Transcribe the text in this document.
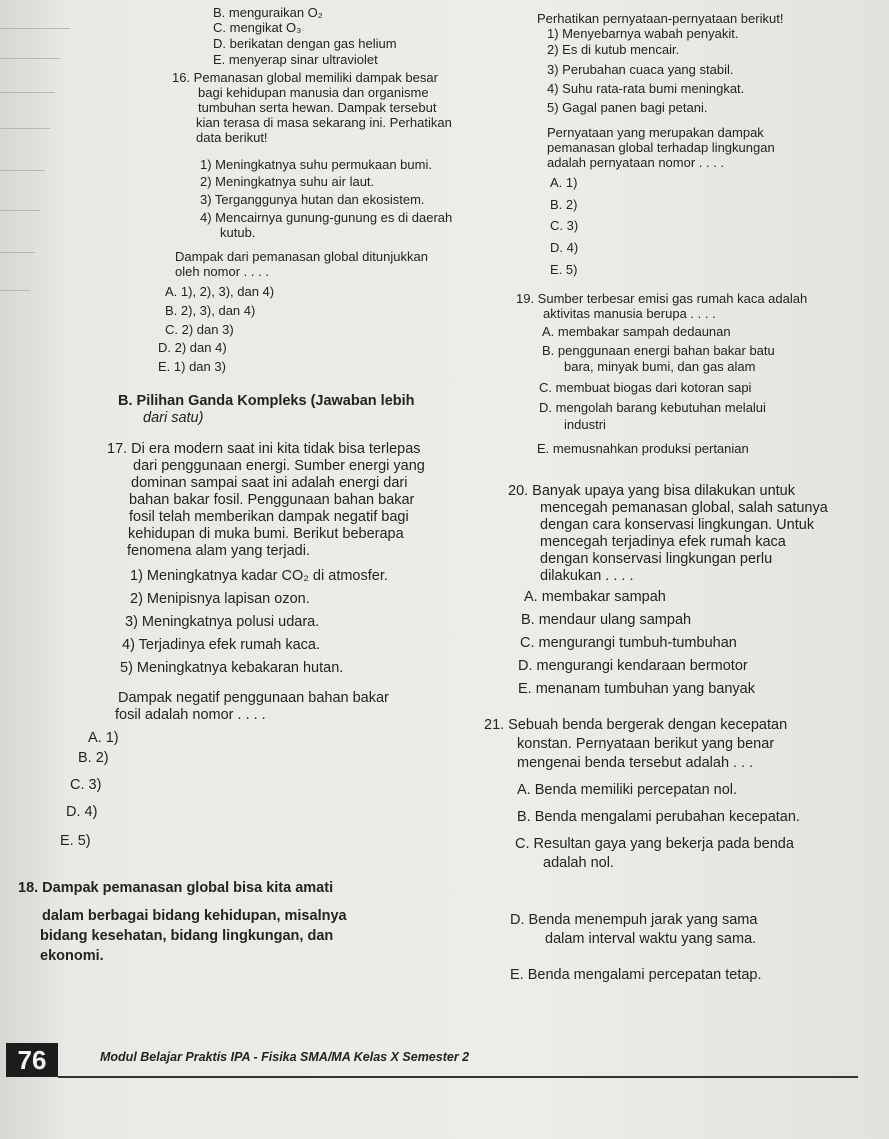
B. menguraikan O₂
C. mengikat O₃
D. berikatan dengan gas helium
E. menyerap sinar ultraviolet
16. Pemanasan global memiliki dampak besar
bagi kehidupan manusia dan organisme
tumbuhan serta hewan. Dampak tersebut
kian terasa di masa sekarang ini. Perhatikan
data berikut!
1) Meningkatnya suhu permukaan bumi.
2) Meningkatnya suhu air laut.
3) Terganggunya hutan dan ekosistem.
4) Mencairnya gunung-gunung es di daerah
kutub.
Dampak dari pemanasan global ditunjukkan
oleh nomor . . . .
A. 1), 2), 3), dan 4)
B. 2), 3), dan 4)
C. 2) dan 3)
D. 2) dan 4)
E. 1) dan 3)
B. Pilihan Ganda Kompleks (Jawaban lebih
dari satu)
17. Di era modern saat ini kita tidak bisa terlepas
dari penggunaan energi. Sumber energi yang
dominan sampai saat ini adalah energi dari
bahan bakar fosil. Penggunaan bahan bakar
fosil telah memberikan dampak negatif bagi
kehidupan di muka bumi. Berikut beberapa
fenomena alam yang terjadi.
1) Meningkatnya kadar CO₂ di atmosfer.
2) Menipisnya lapisan ozon.
3) Meningkatnya polusi udara.
4) Terjadinya efek rumah kaca.
5) Meningkatnya kebakaran hutan.
Dampak negatif penggunaan bahan bakar
fosil adalah nomor . . . .
A. 1)
B. 2)
C. 3)
D. 4)
E. 5)
18. Dampak pemanasan global bisa kita amati
dalam berbagai bidang kehidupan, misalnya
bidang kesehatan, bidang lingkungan, dan
ekonomi.
Perhatikan pernyataan-pernyataan berikut!
1) Menyebarnya wabah penyakit.
2) Es di kutub mencair.
3) Perubahan cuaca yang stabil.
4) Suhu rata-rata bumi meningkat.
5) Gagal panen bagi petani.
Pernyataan yang merupakan dampak
pemanasan global terhadap lingkungan
adalah pernyataan nomor . . . .
A. 1)
B. 2)
C. 3)
D. 4)
E. 5)
19. Sumber terbesar emisi gas rumah kaca adalah
aktivitas manusia berupa . . . .
A. membakar sampah dedaunan
B. penggunaan energi bahan bakar batu
bara, minyak bumi, dan gas alam
C. membuat biogas dari kotoran sapi
D. mengolah barang kebutuhan melalui
industri
E. memusnahkan produksi pertanian
20. Banyak upaya yang bisa dilakukan untuk
mencegah pemanasan global, salah satunya
dengan cara konservasi lingkungan. Untuk
mencegah terjadinya efek rumah kaca
dengan konservasi lingkungan perlu
dilakukan . . . .
A. membakar sampah
B. mendaur ulang sampah
C. mengurangi tumbuh-tumbuhan
D. mengurangi kendaraan bermotor
E. menanam tumbuhan yang banyak
21. Sebuah benda bergerak dengan kecepatan
konstan. Pernyataan berikut yang benar
mengenai benda tersebut adalah . . .
A. Benda memiliki percepatan nol.
B. Benda mengalami perubahan kecepatan.
C. Resultan gaya yang bekerja pada benda
adalah nol.
D. Benda menempuh jarak yang sama
dalam interval waktu yang sama.
E. Benda mengalami percepatan tetap.
76	Modul Belajar Praktis IPA - Fisika SMA/MA Kelas X Semester 2
